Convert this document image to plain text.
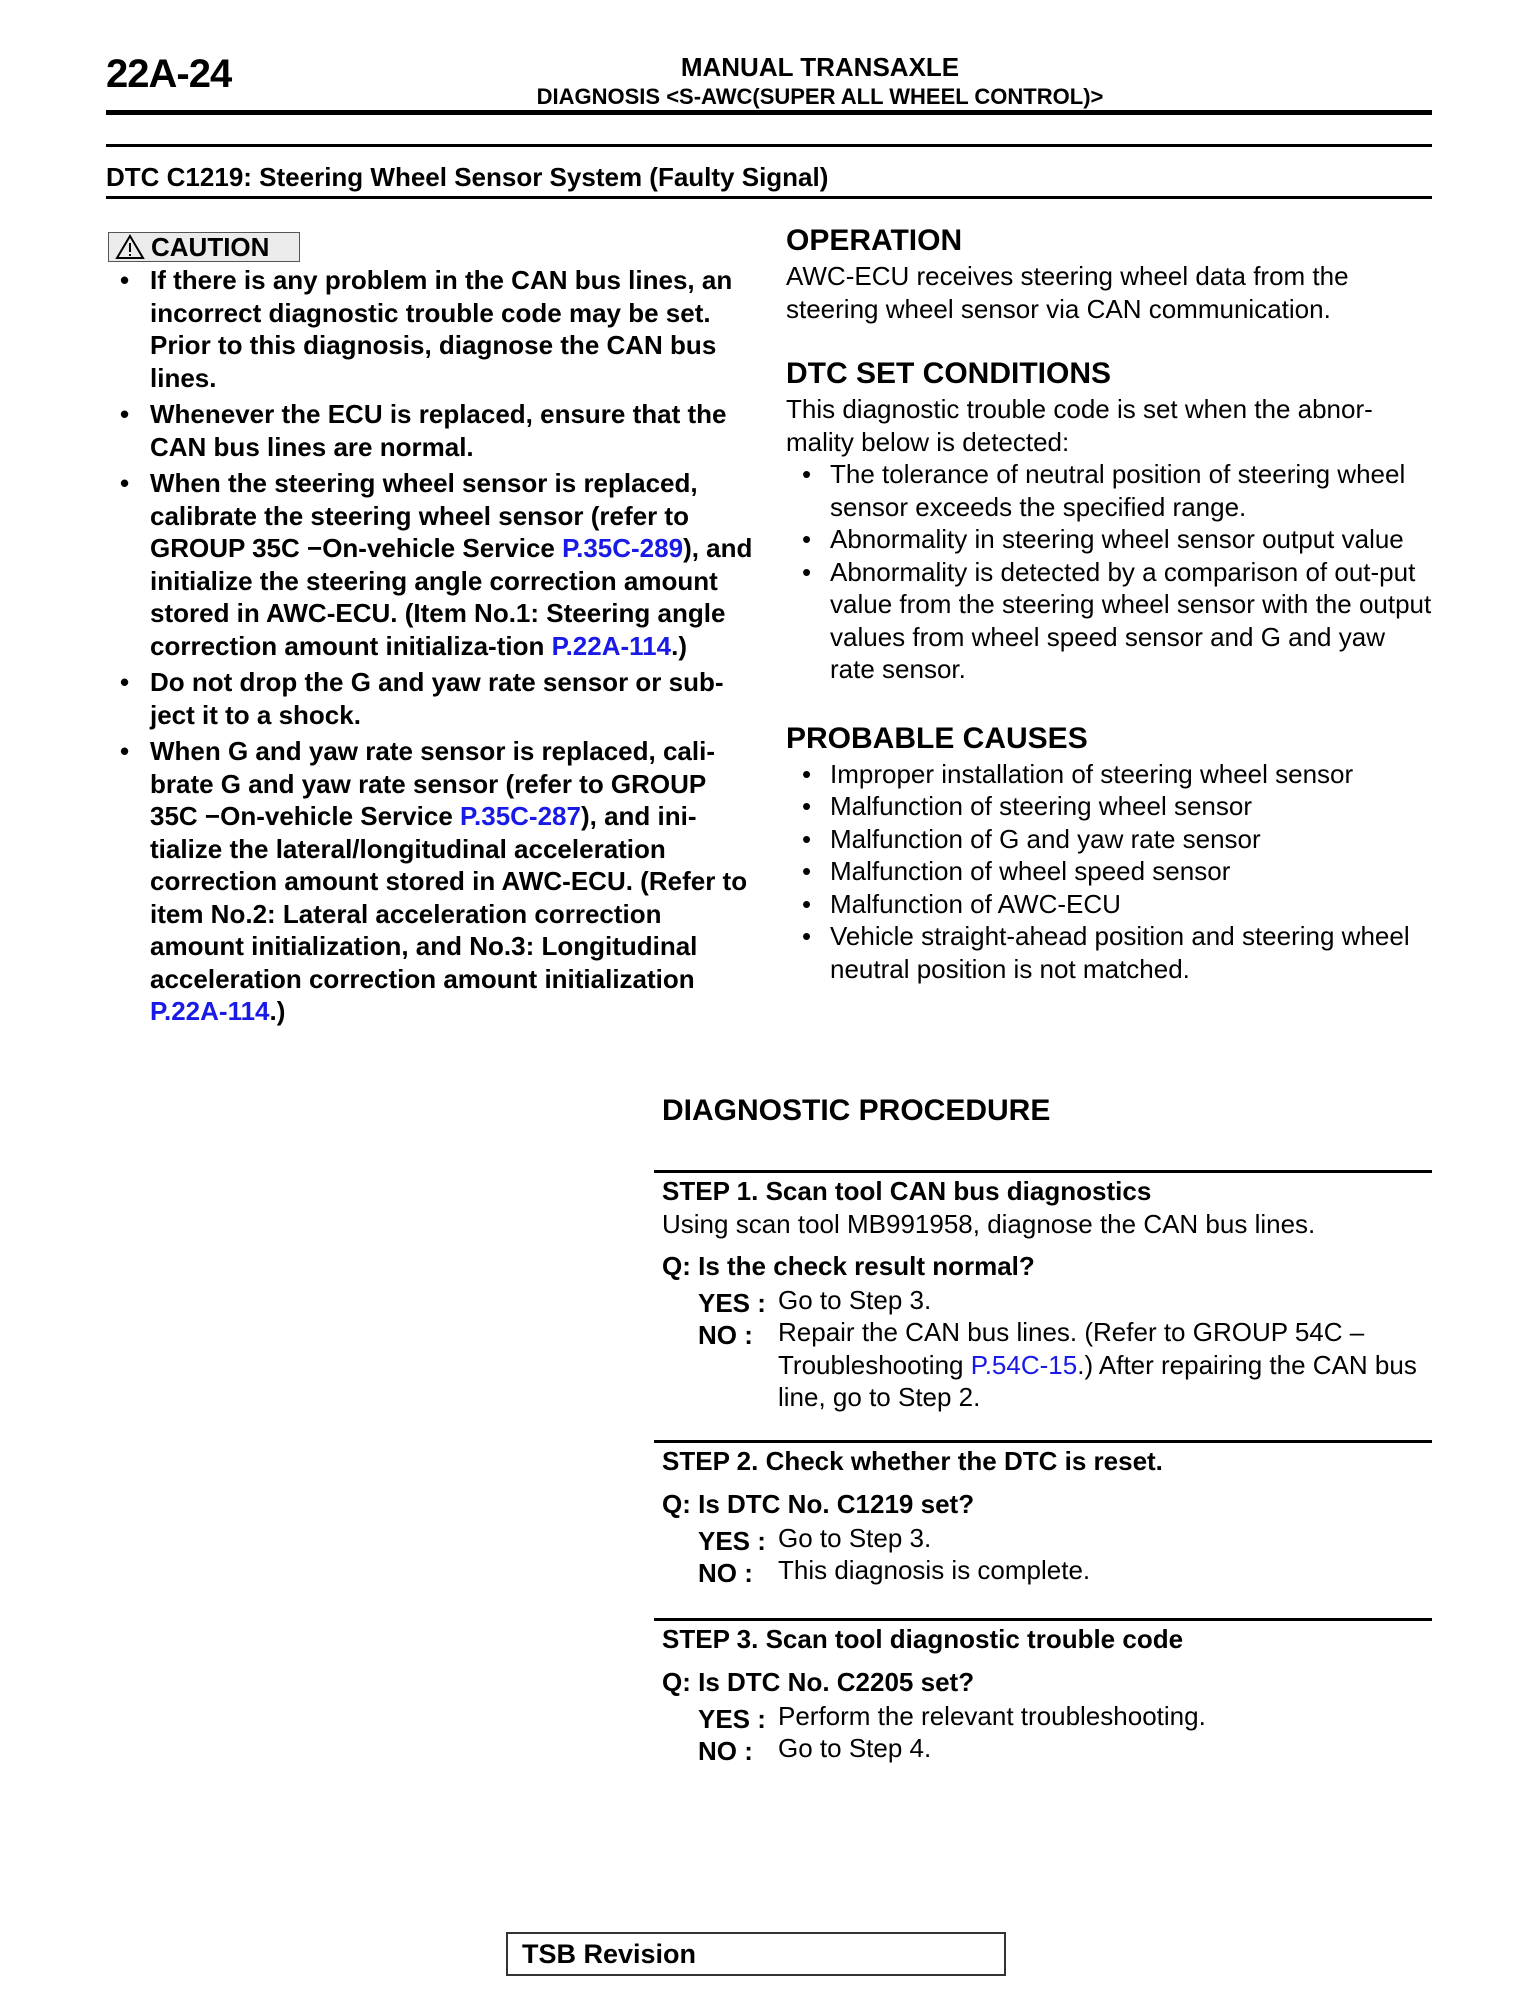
22A-24	MANUAL TRANSAXLE
DIAGNOSIS <S-AWC(SUPER ALL WHEEL CONTROL)>
DTC C1219: Steering Wheel Sensor System (Faulty Signal)
CAUTION
• If there is any problem in the CAN bus lines, an incorrect diagnostic trouble code may be set. Prior to this diagnosis, diagnose the CAN bus lines.
• Whenever the ECU is replaced, ensure that the CAN bus lines are normal.
• When the steering wheel sensor is replaced, calibrate the steering wheel sensor (refer to GROUP 35C −On-vehicle Service P.35C-289), and initialize the steering angle correction amount stored in AWC-ECU. (Item No.1: Steering angle correction amount initializa-tion P.22A-114.)
• Do not drop the G and yaw rate sensor or sub-ject it to a shock.
• When G and yaw rate sensor is replaced, cali-brate G and yaw rate sensor (refer to GROUP 35C −On-vehicle Service P.35C-287), and ini-tialize the lateral/longitudinal acceleration correction amount stored in AWC-ECU. (Refer to item No.2: Lateral acceleration correction amount initialization, and No.3: Longitudinal acceleration correction amount initialization P.22A-114.)
OPERATION

AWC-ECU receives steering wheel data from the steering wheel sensor via CAN communication.

DTC SET CONDITIONS

This diagnostic trouble code is set when the abnor-mality below is detected:

• The tolerance of neutral position of steering wheel sensor exceeds the specified range.
• Abnormality in steering wheel sensor output value
• Abnormality is detected by a comparison of out-put value from the steering wheel sensor with the output values from wheel speed sensor and G and yaw rate sensor.
PROBABLE CAUSES
• Improper installation of steering wheel sensor
• Malfunction of steering wheel sensor
• Malfunction of G and yaw rate sensor
• Malfunction of wheel speed sensor
• Malfunction of AWC-ECU
• Vehicle straight-ahead position and steering wheel neutral position is not matched.
DIAGNOSTIC PROCEDURE
STEP 1. Scan tool CAN bus diagnostics
Using scan tool MB991958, diagnose the CAN bus lines.
Q: Is the check result normal?
YES : Go to Step 3.
NO : Repair the CAN bus lines. (Refer to GROUP 54C – Troubleshooting P.54C-15.) After repairing the CAN bus line, go to Step 2.
STEP 2. Check whether the DTC is reset.
Q: Is DTC No. C1219 set?
YES : Go to Step 3.
NO : This diagnosis is complete.
STEP 3. Scan tool diagnostic trouble code
Q: Is DTC No. C2205 set?
YES : Perform the relevant troubleshooting.
NO : Go to Step 4.
TSB Revision
